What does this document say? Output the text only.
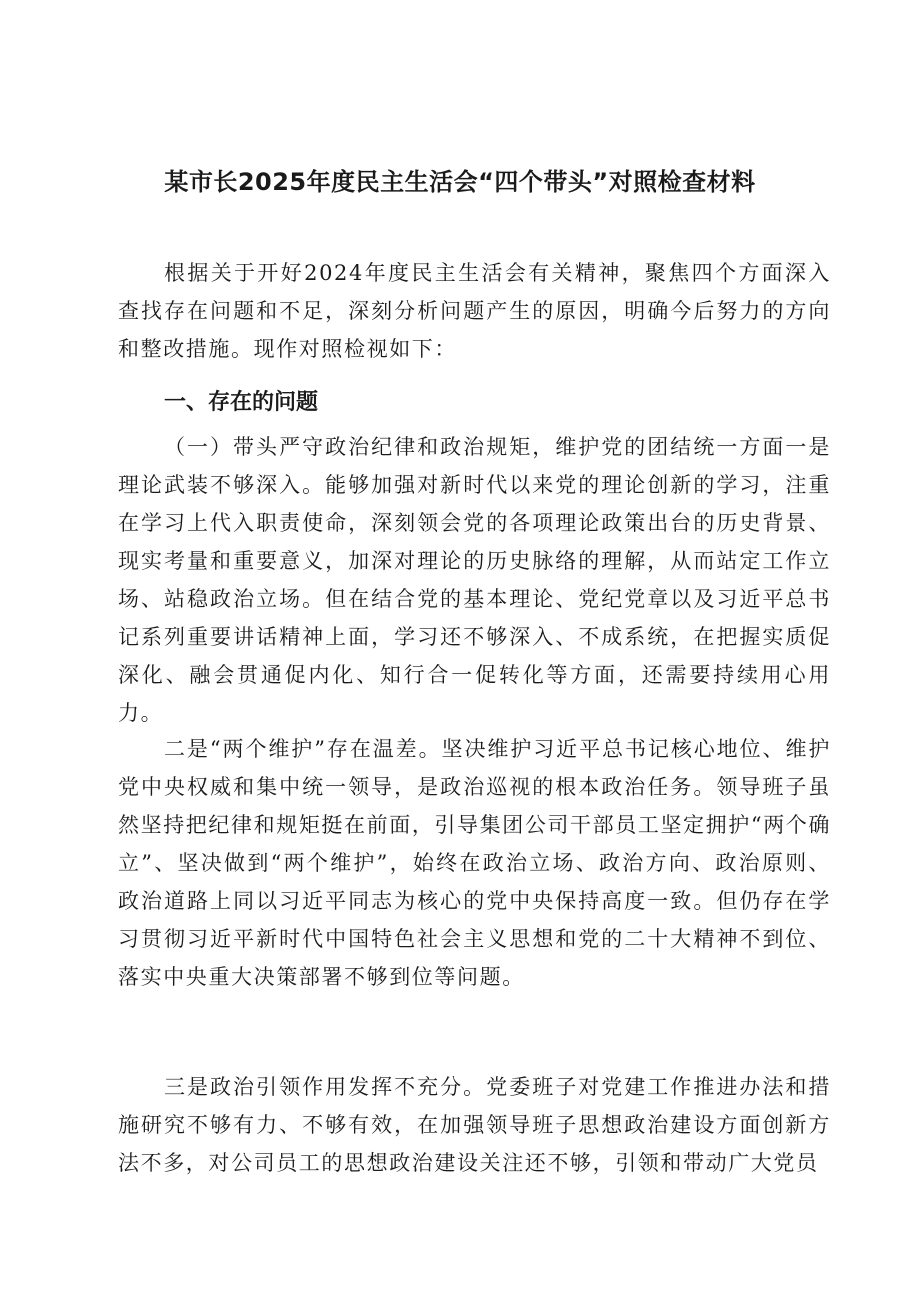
某市长2025年度民主生活会“四个带头”对照检查材料

根据关于开好2024年度民主生活会有关精神，聚焦四个方面深入查找存在问题和不足，深刻分析问题产生的原因，明确今后努力的方向和整改措施。现作对照检视如下：

一、存在的问题

（一）带头严守政治纪律和政治规矩，维护党的团结统一方面一是理论武装不够深入。能够加强对新时代以来党的理论创新的学习，注重在学习上代入职责使命，深刻领会党的各项理论政策出台的历史背景、现实考量和重要意义，加深对理论的历史脉络的理解，从而站定工作立场、站稳政治立场。但在结合党的基本理论、党纪党章以及习近平总书记系列重要讲话精神上面，学习还不够深入、不成系统，在把握实质促深化、融会贯通促内化、知行合一促转化等方面，还需要持续用心用力。

二是“两个维护”存在温差。坚决维护习近平总书记核心地位、维护党中央权威和集中统一领导，是政治巡视的根本政治任务。领导班子虽然坚持把纪律和规矩挺在前面，引导集团公司干部员工坚定拥护“两个确立”、坚决做到“两个维护”，始终在政治立场、政治方向、政治原则、政治道路上同以习近平同志为核心的党中央保持高度一致。但仍存在学习贯彻习近平新时代中国特色社会主义思想和党的二十大精神不到位、落实中央重大决策部署不够到位等问题。

三是政治引领作用发挥不充分。党委班子对党建工作推进办法和措施研究不够有力、不够有效，在加强领导班子思想政治建设方面创新方法不多，对公司员工的思想政治建设关注还不够，引领和带动广大党员
